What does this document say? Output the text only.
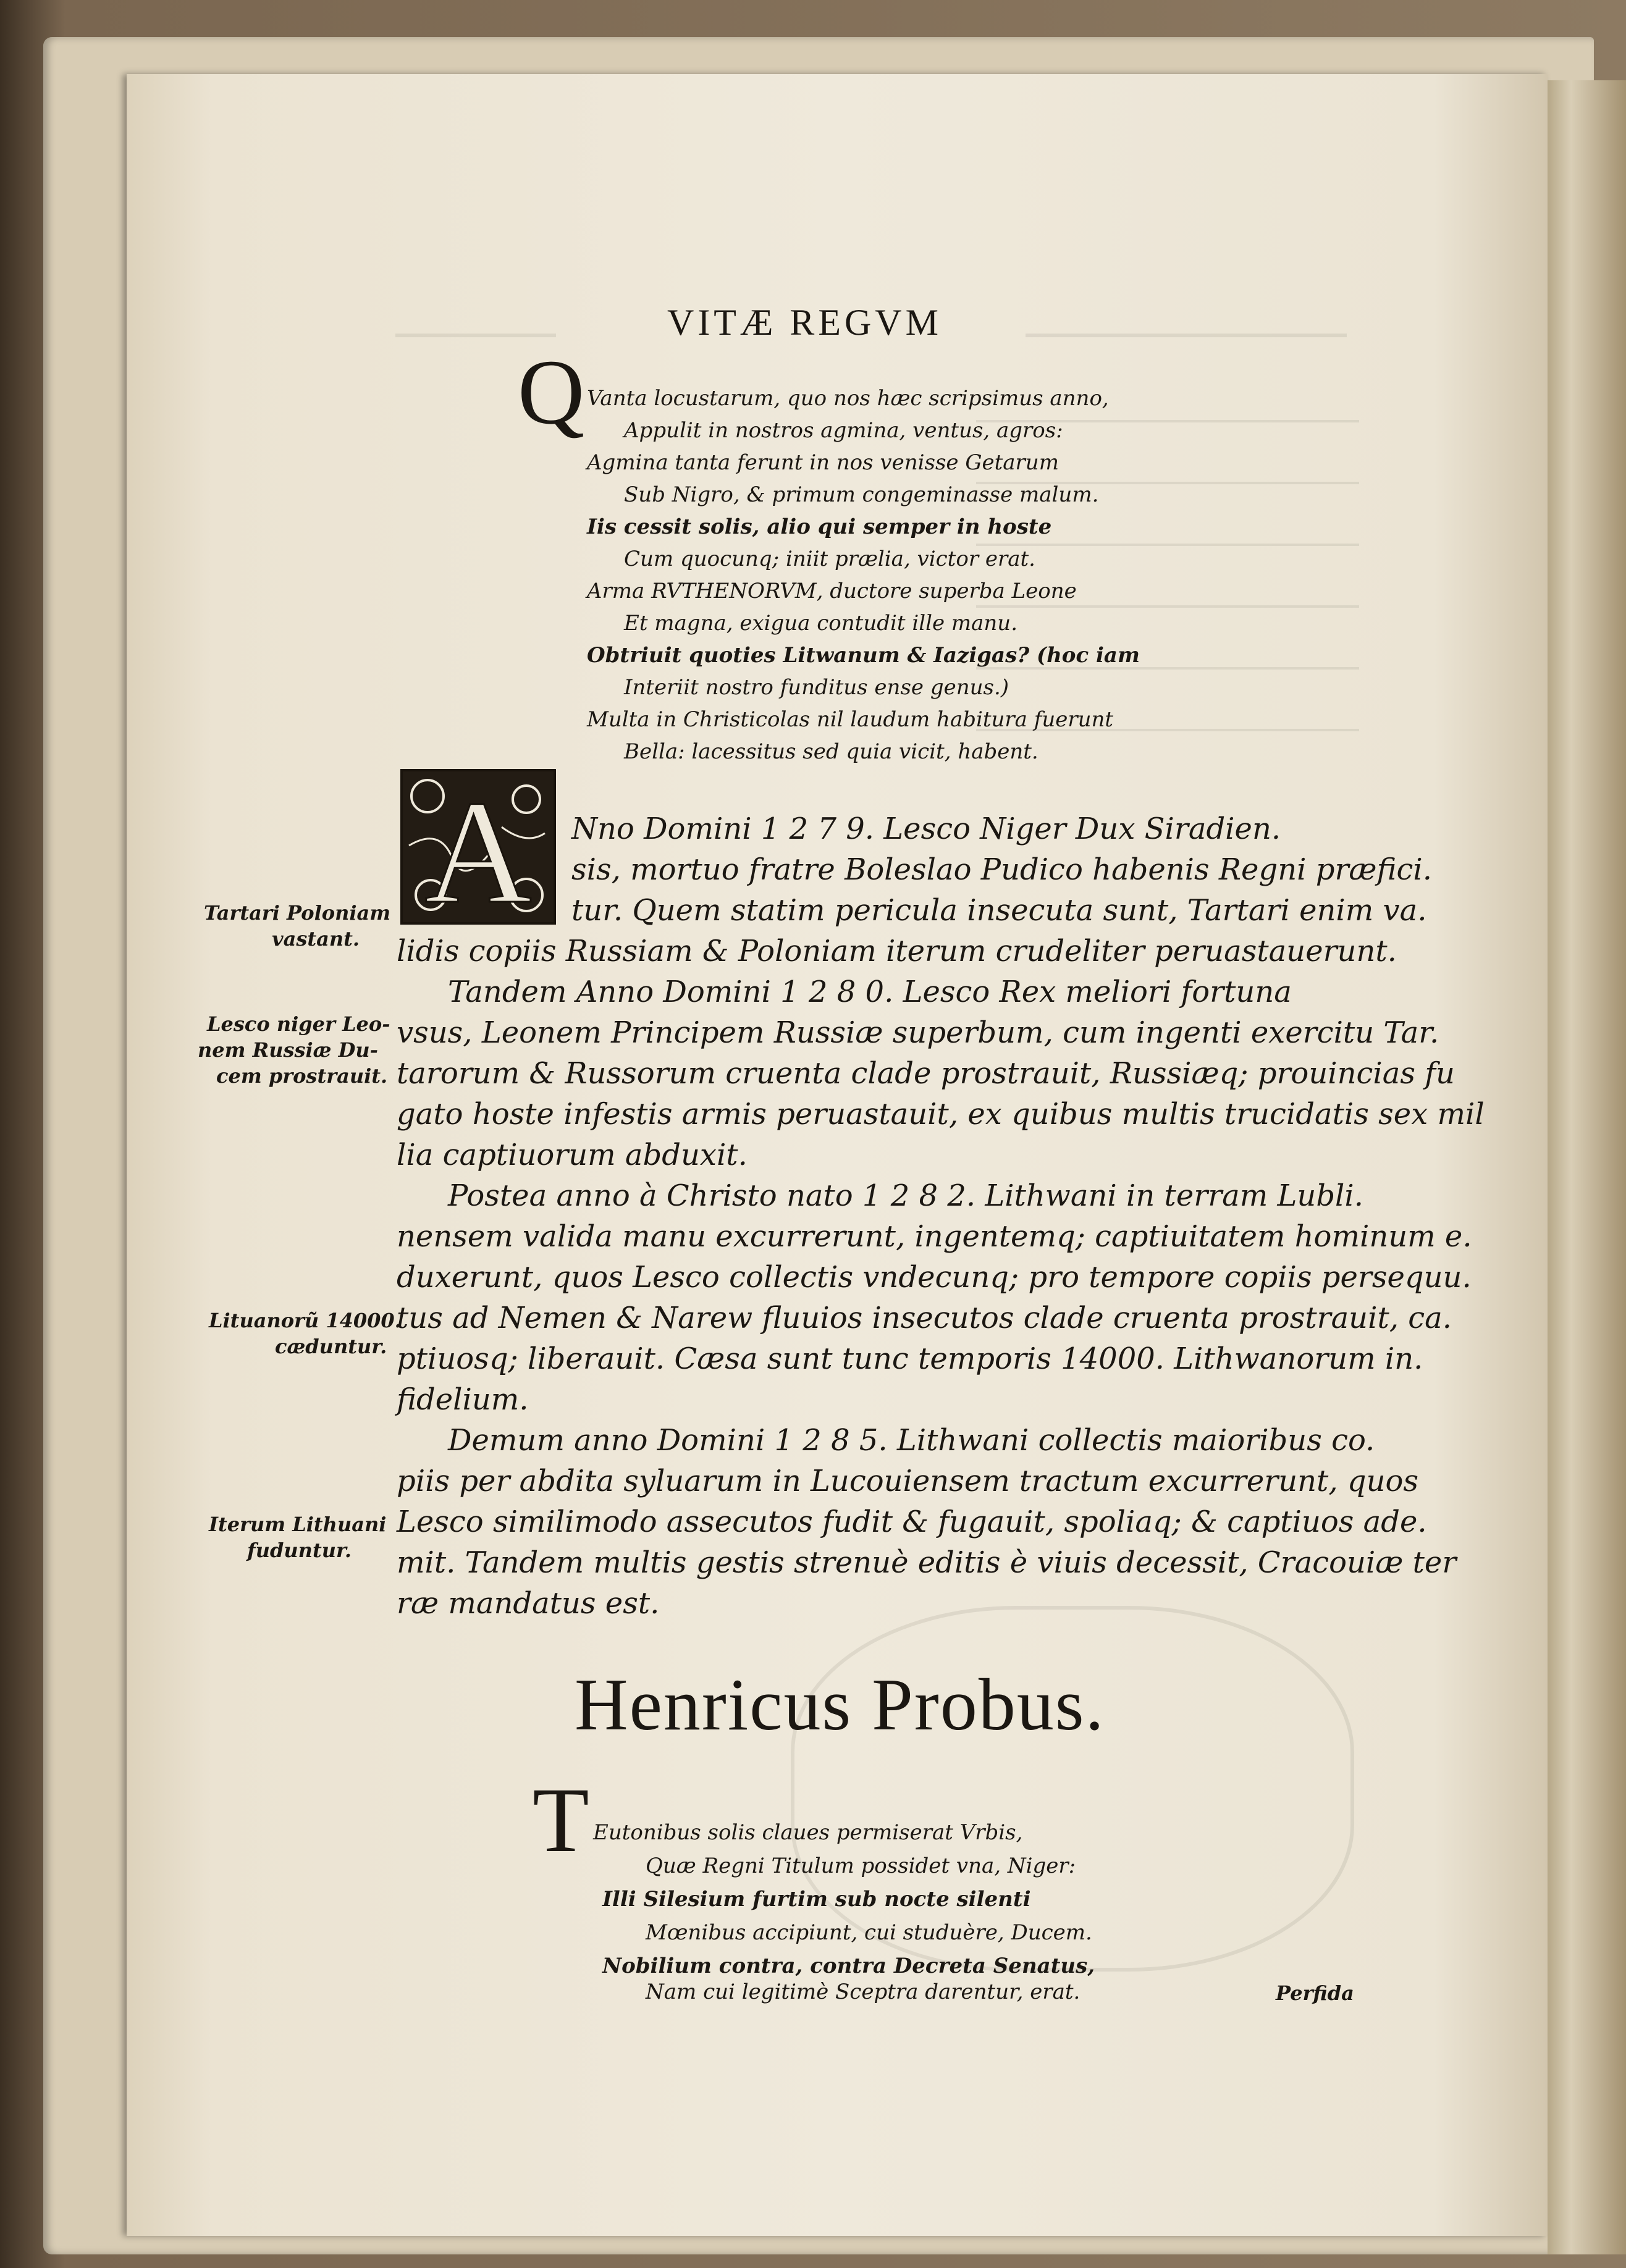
VITÆ REGVM
Q Vanta locustarum, quo nos hæc scripsimus anno,
Appulit in nostros agmina, ventus, agros:
Agmina tanta ferunt in nos venisse Getarum
Sub Nigro, & primum congeminasse malum.
Iis cessit solis, alio qui semper in hoste
Cum quocunq; iniit prælia, victor erat.
Arma RVTHENORVM, ductore superba Leone
Et magna, exigua contudit ille manu.
Obtriuit quoties Litwanum & Iazigas? (hoc iam
Interiit nostro funditus ense genus.)
Multa in Christicolas nil laudum habitura fuerunt
Bella: lacessitus sed quia vicit, habent.
A	Nno Domini 1 2 7 9. Lesco Niger Dux Siradien.
sis, mortuo fratre Boleslao Pudico habenis Regni præfici.
tur. Quem statim pericula insecuta sunt, Tartari enim va.
lidis copiis Russiam & Poloniam iterum crudeliter peruastauerunt.
Tandem Anno Domini 1 2 8 0. Lesco Rex meliori fortuna
vsus, Leonem Principem Russiæ superbum, cum ingenti exercitu Tar.
tarorum & Russorum cruenta clade prostrauit, Russiæq; prouincias fu
gato hoste infestis armis peruastauit, ex quibus multis trucidatis sex mil
lia captiuorum abduxit.
Postea anno à Christo nato 1 2 8 2. Lithwani in terram Lubli.
nensem valida manu excurrerunt, ingentemq; captiuitatem hominum e.
duxerunt, quos Lesco collectis vndecunq; pro tempore copiis persequu.
tus ad Nemen & Narew fluuios insecutos clade cruenta prostrauit, ca.
ptiuosq; liberauit. Cæsa sunt tunc temporis 14000. Lithwanorum in.
fidelium.
Demum anno Domini 1 2 8 5. Lithwani collectis maioribus co.
piis per abdita syluarum in Lucouiensem tractum excurrerunt, quos
Lesco similimodo assecutos fudit & fugauit, spoliaq; & captiuos ade.
mit. Tandem multis gestis strenuè editis è viuis decessit, Cracouiæ ter
ræ mandatus est.
Tartari Poloniam
vastant.
Lesco niger Leo-
nem Russiæ Du-
cem prostrauit.
Lituanorũ 14000.
cæduntur.
Iterum Lithuani
fuduntur.
Henricus Probus.
T Eutonibus solis claues permiserat Vrbis,
Quæ Regni Titulum possidet vna, Niger:
Illi Silesium furtim sub nocte silenti
Mœnibus accipiunt, cui studuère, Ducem.
Nobilium contra, contra Decreta Senatus,
Nam cui legitimè Sceptra darentur, erat.	Perfida
